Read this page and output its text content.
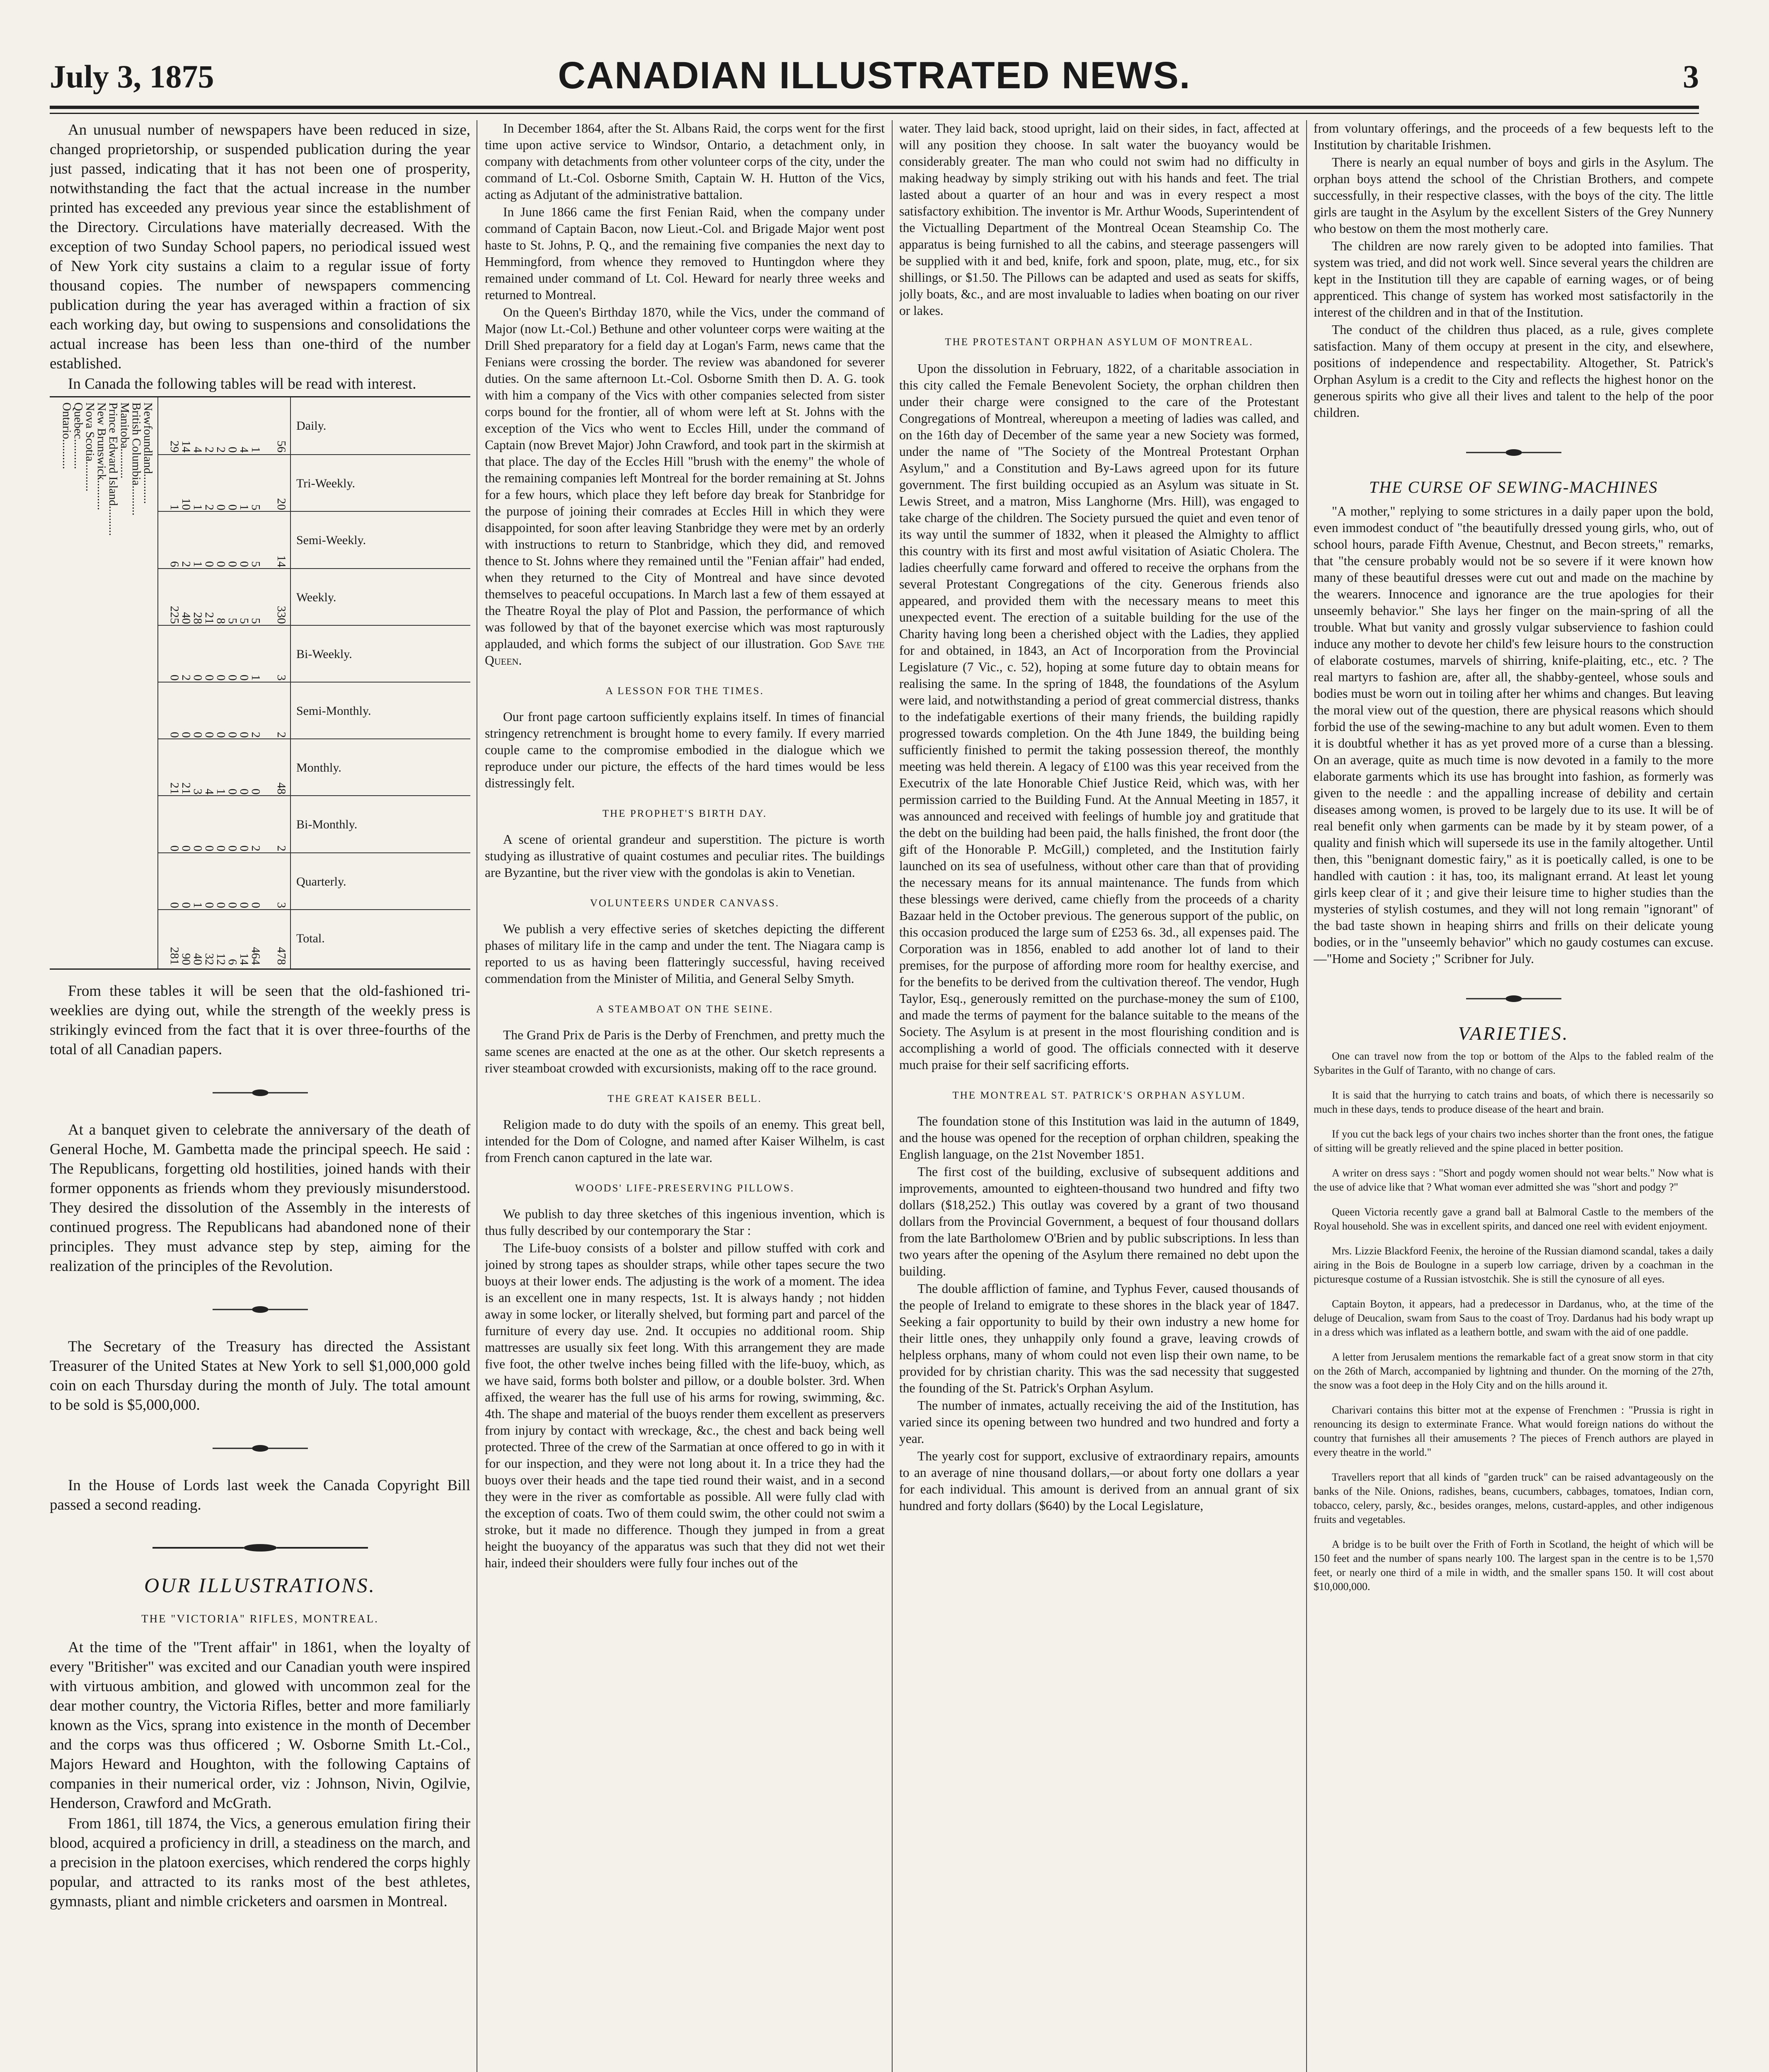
July 3, 1875	CANADIAN ILLUSTRATED NEWS.	3

An unusual number of newspapers have been reduced in size, changed proprietorship, or suspended publication during the year just passed, indicating that it has not been one of prosperity, notwithstanding the fact that the actual increase in the number printed has exceeded any previous year since the establishment of the Directory. Circulations have materially decreased. With the exception of two Sunday School papers, no periodical issued west of New York city sustains a claim to a regular issue of forty thousand copies. The number of newspapers commencing publication during the year has averaged within a fraction of six each working day, but owing to suspensions and consolidations the actual increase has been less than one-third of the number established.

In Canada the following tables will be read with interest.

Ontario..........
Quebec..........
Nova Scotia..........
New Brunswick..........
Prince Edward Island..........
Manitoba..........
British Columbia..........
Newfoundland.......... 29
14
4
2
2
0
4
1 56
Daily.
1
10
1
2
0
0
1
5 20
Tri-Weekly.
6
2
1
0
0
0
0
5 14
Semi-Weekly.
225
40
28
21
8
5
5
5 330
Weekly.
0
2
0
0
0
0
0
1 3
Bi-Weekly.
0
0
0
0
0
0
0
2 2
Semi-Monthly.
21
21
3
4
1
0
0
0 48
Monthly.
0
0
0
0
0
0
0
2 2
Bi-Monthly.
0
0
1
0
0
0
0
0 3
Quarterly.
281
90
40
32
12
6
14
464 478
Total.

From these tables it will be seen that the old-fashioned tri-weeklies are dying out, while the strength of the weekly press is strikingly evinced from the fact that it is over three-fourths of the total of all Canadian papers.

At a banquet given to celebrate the anniversary of the death of General Hoche, M. Gambetta made the principal speech. He said : The Republicans, forgetting old hostilities, joined hands with their former opponents as friends whom they previously misunderstood. They desired the dissolution of the Assembly in the interests of continued progress. The Republicans had abandoned none of their principles. They must advance step by step, aiming for the realization of the principles of the Revolution.

The Secretary of the Treasury has directed the Assistant Treasurer of the United States at New York to sell $1,000,000 gold coin on each Thursday during the month of July. The total amount to be sold is $5,000,000.

In the House of Lords last week the Canada Copyright Bill passed a second reading.

OUR ILLUSTRATIONS.
THE "VICTORIA" RIFLES, MONTREAL.

At the time of the "Trent affair" in 1861, when the loyalty of every "Britisher" was excited and our Canadian youth were inspired with virtuous ambition, and glowed with uncommon zeal for the dear mother country, the Victoria Rifles, better and more familiarly known as the Vics, sprang into existence in the month of December and the corps was thus officered ; W. Osborne Smith Lt.-Col., Majors Heward and Houghton, with the following Captains of companies in their numerical order, viz : Johnson, Nivin, Ogilvie, Henderson, Crawford and McGrath.

From 1861, till 1874, the Vics, a generous emulation firing their blood, acquired a proficiency in drill, a steadiness on the march, and a precision in the platoon exercises, which rendered the corps highly popular, and attracted to its ranks most of the best athletes, gymnasts, pliant and nimble cricketers and oarsmen in Montreal.

In December 1864, after the St. Albans Raid, the corps went for the first time upon active service to Windsor, Ontario, a detachment only, in company with detachments from other volunteer corps of the city, under the command of Lt.-Col. Osborne Smith, Captain W. H. Hutton of the Vics, acting as Adjutant of the administrative battalion.

In June 1866 came the first Fenian Raid, when the company under command of Captain Bacon, now Lieut.-Col. and Brigade Major went post haste to St. Johns, P. Q., and the remaining five companies the next day to Hemmingford, from whence they removed to Huntingdon where they remained under command of Lt. Col. Heward for nearly three weeks and returned to Montreal.

On the Queen's Birthday 1870, while the Vics, under the command of Major (now Lt.-Col.) Bethune and other volunteer corps were waiting at the Drill Shed preparatory for a field day at Logan's Farm, news came that the Fenians were crossing the border. The review was abandoned for severer duties. On the same afternoon Lt.-Col. Osborne Smith then D. A. G. took with him a company of the Vics with other companies selected from sister corps bound for the frontier, all of whom were left at St. Johns with the exception of the Vics who went to Eccles Hill, under the command of Captain (now Brevet Major) John Crawford, and took part in the skirmish at that place. The day of the Eccles Hill "brush with the enemy" the whole of the remaining companies left Montreal for the border remaining at St. Johns for a few hours, which place they left before day break for Stanbridge for the purpose of joining their comrades at Eccles Hill in which they were disappointed, for soon after leaving Stanbridge they were met by an orderly with instructions to return to Stanbridge, which they did, and removed thence to St. Johns where they remained until the "Fenian affair" had ended, when they returned to the City of Montreal and have since devoted themselves to peaceful occupations. In March last a few of them essayed at the Theatre Royal the play of Plot and Passion, the performance of which was followed by that of the bayonet exercise which was most rapturously applauded, and which forms the subject of our illustration. God Save the Queen.

A LESSON FOR THE TIMES.

Our front page cartoon sufficiently explains itself. In times of financial stringency retrenchment is brought home to every family. If every married couple came to the compromise embodied in the dialogue which we reproduce under our picture, the effects of the hard times would be less distressingly felt.

THE PROPHET'S BIRTH DAY.

A scene of oriental grandeur and superstition. The picture is worth studying as illustrative of quaint costumes and peculiar rites. The buildings are Byzantine, but the river view with the gondolas is akin to Venetian.

VOLUNTEERS UNDER CANVASS.

We publish a very effective series of sketches depicting the different phases of military life in the camp and under the tent. The Niagara camp is reported to us as having been flatteringly successful, having received commendation from the Minister of Militia, and General Selby Smyth.

A STEAMBOAT ON THE SEINE.

The Grand Prix de Paris is the Derby of Frenchmen, and pretty much the same scenes are enacted at the one as at the other. Our sketch represents a river steamboat crowded with excursionists, making off to the race ground.

THE GREAT KAISER BELL.

Religion made to do duty with the spoils of an enemy. This great bell, intended for the Dom of Cologne, and named after Kaiser Wilhelm, is cast from French canon captured in the late war.

WOODS' LIFE-PRESERVING PILLOWS.

We publish to day three sketches of this ingenious invention, which is thus fully described by our contemporary the Star :

The Life-buoy consists of a bolster and pillow stuffed with cork and joined by strong tapes as shoulder straps, while other tapes secure the two buoys at their lower ends. The adjusting is the work of a moment. The idea is an excellent one in many respects, 1st. It is always handy ; not hidden away in some locker, or literally shelved, but forming part and parcel of the furniture of every day use. 2nd. It occupies no additional room. Ship mattresses are usually six feet long. With this arrangement they are made five foot, the other twelve inches being filled with the life-buoy, which, as we have said, forms both bolster and pillow, or a double bolster. 3rd. When affixed, the wearer has the full use of his arms for rowing, swimming, &c. 4th. The shape and material of the buoys render them excellent as preservers from injury by contact with wreckage, &c., the chest and back being well protected. Three of the crew of the Sarmatian at once offered to go in with it for our inspection, and they were not long about it. In a trice they had the buoys over their heads and the tape tied round their waist, and in a second they were in the river as comfortable as possible. All were fully clad with the exception of coats. Two of them could swim, the other could not swim a stroke, but it made no difference. Though they jumped in from a great height the buoyancy of the apparatus was such that they did not wet their hair, indeed their shoulders were fully four inches out of the

water. They laid back, stood upright, laid on their sides, in fact, affected at will any position they choose. In salt water the buoyancy would be considerably greater. The man who could not swim had no difficulty in making headway by simply striking out with his hands and feet. The trial lasted about a quarter of an hour and was in every respect a most satisfactory exhibition. The inventor is Mr. Arthur Woods, Superintendent of the Victualling Department of the Montreal Ocean Steamship Co. The apparatus is being furnished to all the cabins, and steerage passengers will be supplied with it and bed, knife, fork and spoon, plate, mug, etc., for six shillings, or $1.50. The Pillows can be adapted and used as seats for skiffs, jolly boats, &c., and are most invaluable to ladies when boating on our river or lakes.

THE PROTESTANT ORPHAN ASYLUM OF MONTREAL.

Upon the dissolution in February, 1822, of a charitable association in this city called the Female Benevolent Society, the orphan children then under their charge were consigned to the care of the Protestant Congregations of Montreal, whereupon a meeting of ladies was called, and on the 16th day of December of the same year a new Society was formed, under the name of "The Society of the Montreal Protestant Orphan Asylum," and a Constitution and By-Laws agreed upon for its future government. The first building occupied as an Asylum was situate in St. Lewis Street, and a matron, Miss Langhorne (Mrs. Hill), was engaged to take charge of the children. The Society pursued the quiet and even tenor of its way until the summer of 1832, when it pleased the Almighty to afflict this country with its first and most awful visitation of Asiatic Cholera. The ladies cheerfully came forward and offered to receive the orphans from the several Protestant Congregations of the city. Generous friends also appeared, and provided them with the necessary means to meet this unexpected event. The erection of a suitable building for the use of the Charity having long been a cherished object with the Ladies, they applied for and obtained, in 1843, an Act of Incorporation from the Provincial Legislature (7 Vic., c. 52), hoping at some future day to obtain means for realising the same. In the spring of 1848, the foundations of the Asylum were laid, and notwithstanding a period of great commercial distress, thanks to the indefatigable exertions of their many friends, the building rapidly progressed towards completion. On the 4th June 1849, the building being sufficiently finished to permit the taking possession thereof, the monthly meeting was held therein. A legacy of £100 was this year received from the Executrix of the late Honorable Chief Justice Reid, which was, with her permission carried to the Building Fund. At the Annual Meeting in 1857, it was announced and received with feelings of humble joy and gratitude that the debt on the building had been paid, the halls finished, the front door (the gift of the Honorable P. McGill,) completed, and the Institution fairly launched on its sea of usefulness, without other care than that of providing the necessary means for its annual maintenance. The funds from which these blessings were derived, came chiefly from the proceeds of a charity Bazaar held in the October previous. The generous support of the public, on this occasion produced the large sum of £253 6s. 3d., all expenses paid. The Corporation was in 1856, enabled to add another lot of land to their premises, for the purpose of affording more room for healthy exercise, and for the benefits to be derived from the cultivation thereof. The vendor, Hugh Taylor, Esq., generously remitted on the purchase-money the sum of £100, and made the terms of payment for the balance suitable to the means of the Society. The Asylum is at present in the most flourishing condition and is accomplishing a world of good. The officials connected with it deserve much praise for their self sacrificing efforts.

THE MONTREAL ST. PATRICK'S ORPHAN ASYLUM.

The foundation stone of this Institution was laid in the autumn of 1849, and the house was opened for the reception of orphan children, speaking the English language, on the 21st November 1851.

The first cost of the building, exclusive of subsequent additions and improvements, amounted to eighteen-thousand two hundred and fifty two dollars ($18,252.) This outlay was covered by a grant of two thousand dollars from the Provincial Government, a bequest of four thousand dollars from the late Bartholomew O'Brien and by public subscriptions. In less than two years after the opening of the Asylum there remained no debt upon the building.

The double affliction of famine, and Typhus Fever, caused thousands of the people of Ireland to emigrate to these shores in the black year of 1847. Seeking a fair opportunity to build by their own industry a new home for their little ones, they unhappily only found a grave, leaving crowds of helpless orphans, many of whom could not even lisp their own name, to be provided for by christian charity. This was the sad necessity that suggested the founding of the St. Patrick's Orphan Asylum.

The number of inmates, actually receiving the aid of the Institution, has varied since its opening between two hundred and two hundred and forty a year.

The yearly cost for support, exclusive of extraordinary repairs, amounts to an average of nine thousand dollars,—or about forty one dollars a year for each individual. This amount is derived from an annual grant of six hundred and forty dollars ($640) by the Local Legislature,

from voluntary offerings, and the proceeds of a few bequests left to the Institution by charitable Irishmen.

There is nearly an equal number of boys and girls in the Asylum. The orphan boys attend the school of the Christian Brothers, and compete successfully, in their respective classes, with the boys of the city. The little girls are taught in the Asylum by the excellent Sisters of the Grey Nunnery who bestow on them the most motherly care.

The children are now rarely given to be adopted into families. That system was tried, and did not work well. Since several years the children are kept in the Institution till they are capable of earning wages, or of being apprenticed. This change of system has worked most satisfactorily in the interest of the children and in that of the Institution.

The conduct of the children thus placed, as a rule, gives complete satisfaction. Many of them occupy at present in the city, and elsewhere, positions of independence and respectability. Altogether, St. Patrick's Orphan Asylum is a credit to the City and reflects the highest honor on the generous spirits who give all their lives and talent to the help of the poor children.

THE CURSE OF SEWING-MACHINES

"A mother," replying to some strictures in a daily paper upon the bold, even immodest conduct of "the beautifully dressed young girls, who, out of school hours, parade Fifth Avenue, Chestnut, and Becon streets," remarks, that "the censure probably would not be so severe if it were known how many of these beautiful dresses were cut out and made on the machine by the wearers. Innocence and ignorance are the true apologies for their unseemly behavior." She lays her finger on the main-spring of all the trouble. What but vanity and grossly vulgar subservience to fashion could induce any mother to devote her child's few leisure hours to the construction of elaborate costumes, marvels of shirring, knife-plaiting, etc., etc. ? The real martyrs to fashion are, after all, the shabby-genteel, whose souls and bodies must be worn out in toiling after her whims and changes. But leaving the moral view out of the question, there are physical reasons which should forbid the use of the sewing-machine to any but adult women. Even to them it is doubtful whether it has as yet proved more of a curse than a blessing. On an average, quite as much time is now devoted in a family to the more elaborate garments which its use has brought into fashion, as formerly was given to the needle : and the appalling increase of debility and certain diseases among women, is proved to be largely due to its use. It will be of real benefit only when garments can be made by it by steam power, of a quality and finish which will supersede its use in the family altogether. Until then, this "benignant domestic fairy," as it is poetically called, is one to be handled with caution : it has, too, its malignant errand. At least let young girls keep clear of it ; and give their leisure time to higher studies than the mysteries of stylish costumes, and they will not long remain "ignorant" of the bad taste shown in heaping shirrs and frills on their delicate young bodies, or in the "unseemly behavior" which no gaudy costumes can excuse.—"Home and Society ;" Scribner for July.

VARIETIES.

One can travel now from the top or bottom of the Alps to the fabled realm of the Sybarites in the Gulf of Taranto, with no change of cars.

It is said that the hurrying to catch trains and boats, of which there is necessarily so much in these days, tends to produce disease of the heart and brain.

If you cut the back legs of your chairs two inches shorter than the front ones, the fatigue of sitting will be greatly relieved and the spine placed in better position.

A writer on dress says : "Short and pogdy women should not wear belts." Now what is the use of advice like that ? What woman ever admitted she was "short and podgy ?"

Queen Victoria recently gave a grand ball at Balmoral Castle to the members of the Royal household. She was in excellent spirits, and danced one reel with evident enjoyment.

Mrs. Lizzie Blackford Feenix, the heroine of the Russian diamond scandal, takes a daily airing in the Bois de Boulogne in a superb low carriage, driven by a coachman in the picturesque costume of a Russian istvostchik. She is still the cynosure of all eyes.

Captain Boyton, it appears, had a predecessor in Dardanus, who, at the time of the deluge of Deucalion, swam from Saus to the coast of Troy. Dardanus had his body wrapt up in a dress which was inflated as a leathern bottle, and swam with the aid of one paddle.

A letter from Jerusalem mentions the remarkable fact of a great snow storm in that city on the 26th of March, accompanied by lightning and thunder. On the morning of the 27th, the snow was a foot deep in the Holy City and on the hills around it.

Charivari contains this bitter mot at the expense of Frenchmen : "Prussia is right in renouncing its design to exterminate France. What would foreign nations do without the country that furnishes all their amusements ? The pieces of French authors are played in every theatre in the world."

Travellers report that all kinds of "garden truck" can be raised advantageously on the banks of the Nile. Onions, radishes, beans, cucumbers, cabbages, tomatoes, Indian corn, tobacco, celery, parsly, &c., besides oranges, melons, custard-apples, and other indigenous fruits and vegetables.

A bridge is to be built over the Frith of Forth in Scotland, the height of which will be 150 feet and the number of spans nearly 100. The largest span in the centre is to be 1,570 feet, or nearly one third of a mile in width, and the smaller spans 150. It will cost about $10,000,000.
